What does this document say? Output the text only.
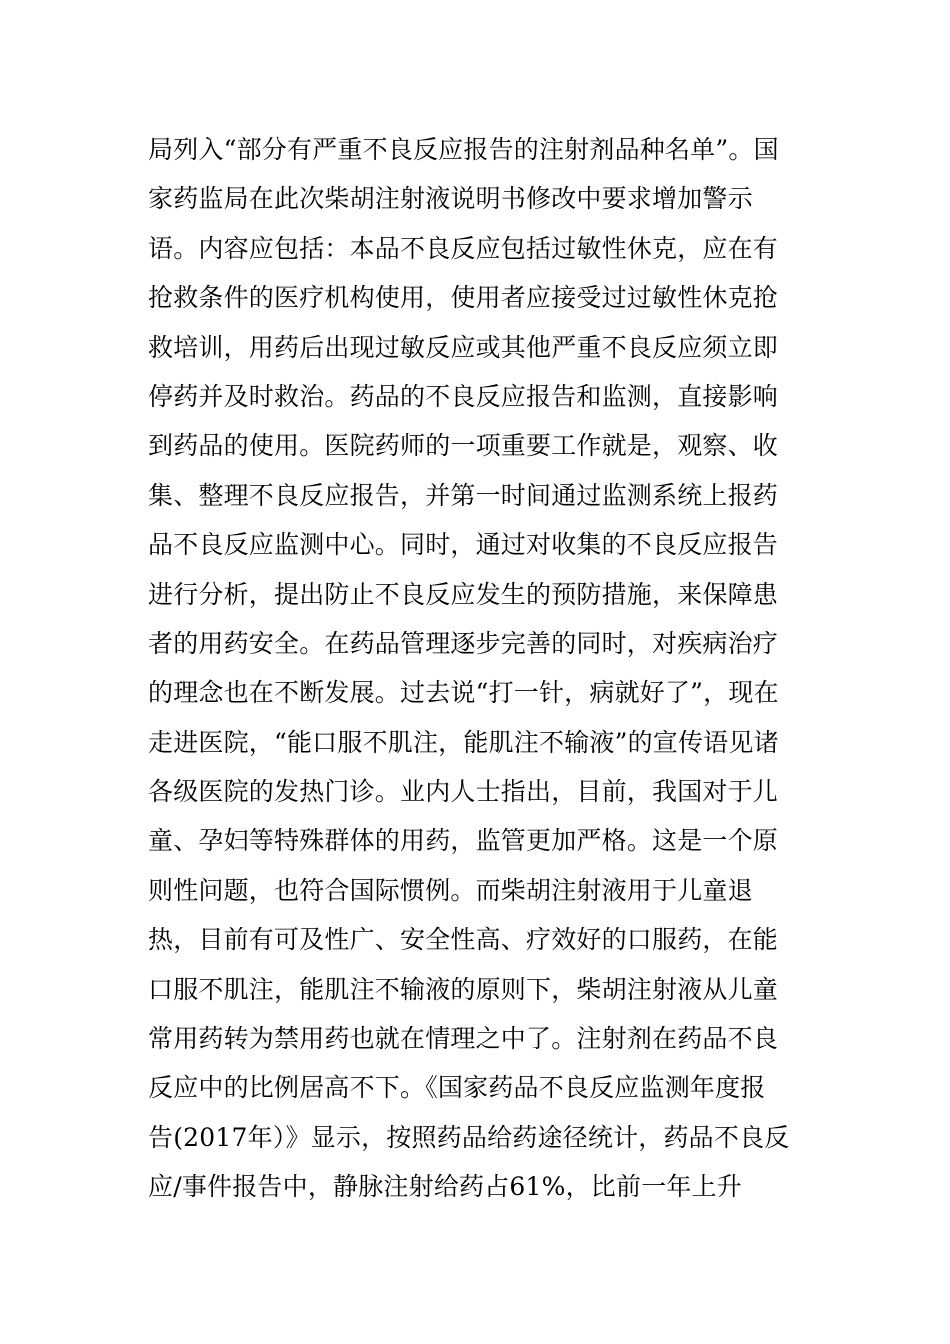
局列入“部分有严重不良反应报告的注射剂品种名单”。国
家药监局在此次柴胡注射液说明书修改中要求增加警示
语。内容应包括：本品不良反应包括过敏性休克，应在有
抢救条件的医疗机构使用，使用者应接受过过敏性休克抢
救培训，用药后出现过敏反应或其他严重不良反应须立即
停药并及时救治。药品的不良反应报告和监测，直接影响
到药品的使用。医院药师的一项重要工作就是，观察、收
集、整理不良反应报告，并第一时间通过监测系统上报药
品不良反应监测中心。同时，通过对收集的不良反应报告
进行分析，提出防止不良反应发生的预防措施，来保障患
者的用药安全。在药品管理逐步完善的同时，对疾病治疗
的理念也在不断发展。过去说“打一针，病就好了”，现在
走进医院，“能口服不肌注，能肌注不输液”的宣传语见诸
各级医院的发热门诊。业内人士指出，目前，我国对于儿
童、孕妇等特殊群体的用药，监管更加严格。这是一个原
则性问题，也符合国际惯例。而柴胡注射液用于儿童退
热，目前有可及性广、安全性高、疗效好的口服药，在能
口服不肌注，能肌注不输液的原则下，柴胡注射液从儿童
常用药转为禁用药也就在情理之中了。注射剂在药品不良
反应中的比例居高不下。《国家药品不良反应监测年度报
告(2017年）》显示，按照药品给药途径统计，药品不良反
应/事件报告中，静脉注射给药占61%，比前一年上升
